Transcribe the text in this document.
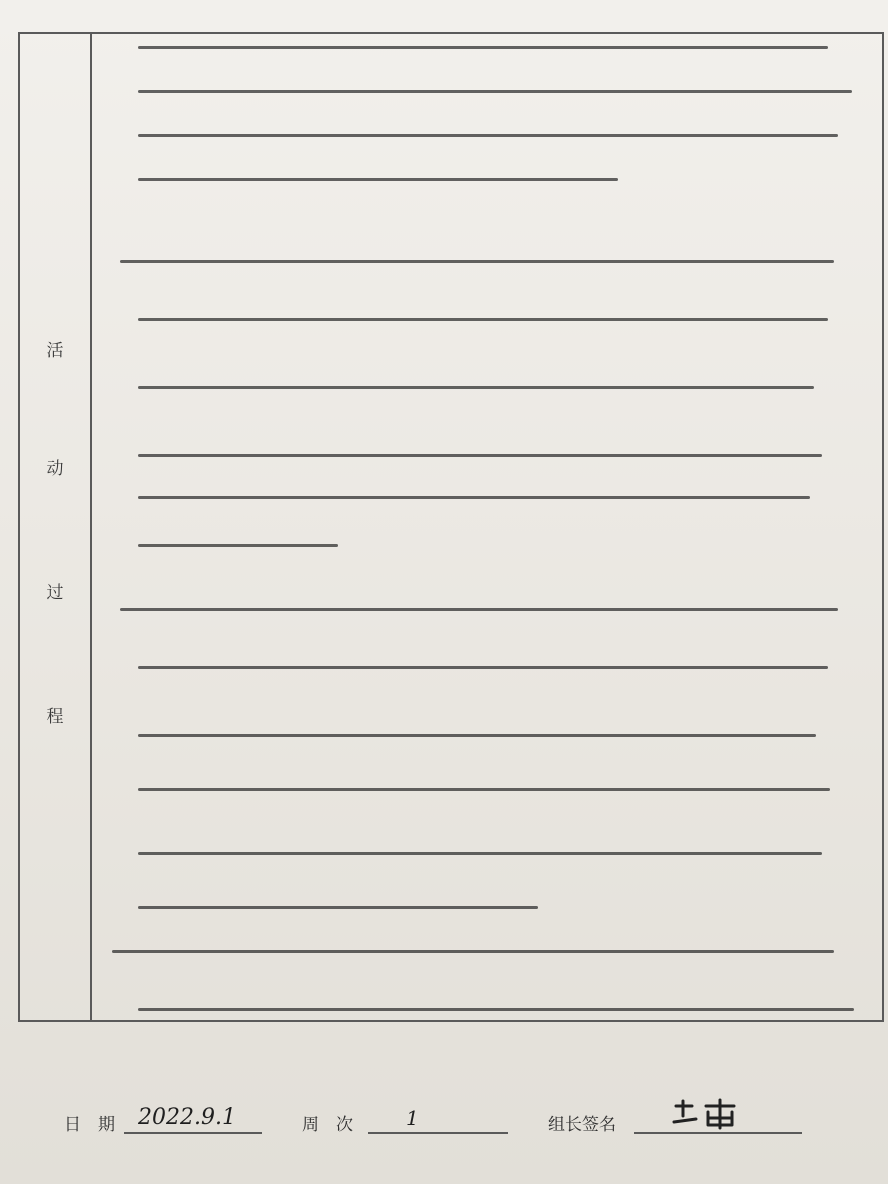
活
动
过
程
日　期 2022.9.1	周　次	1	组长签名
